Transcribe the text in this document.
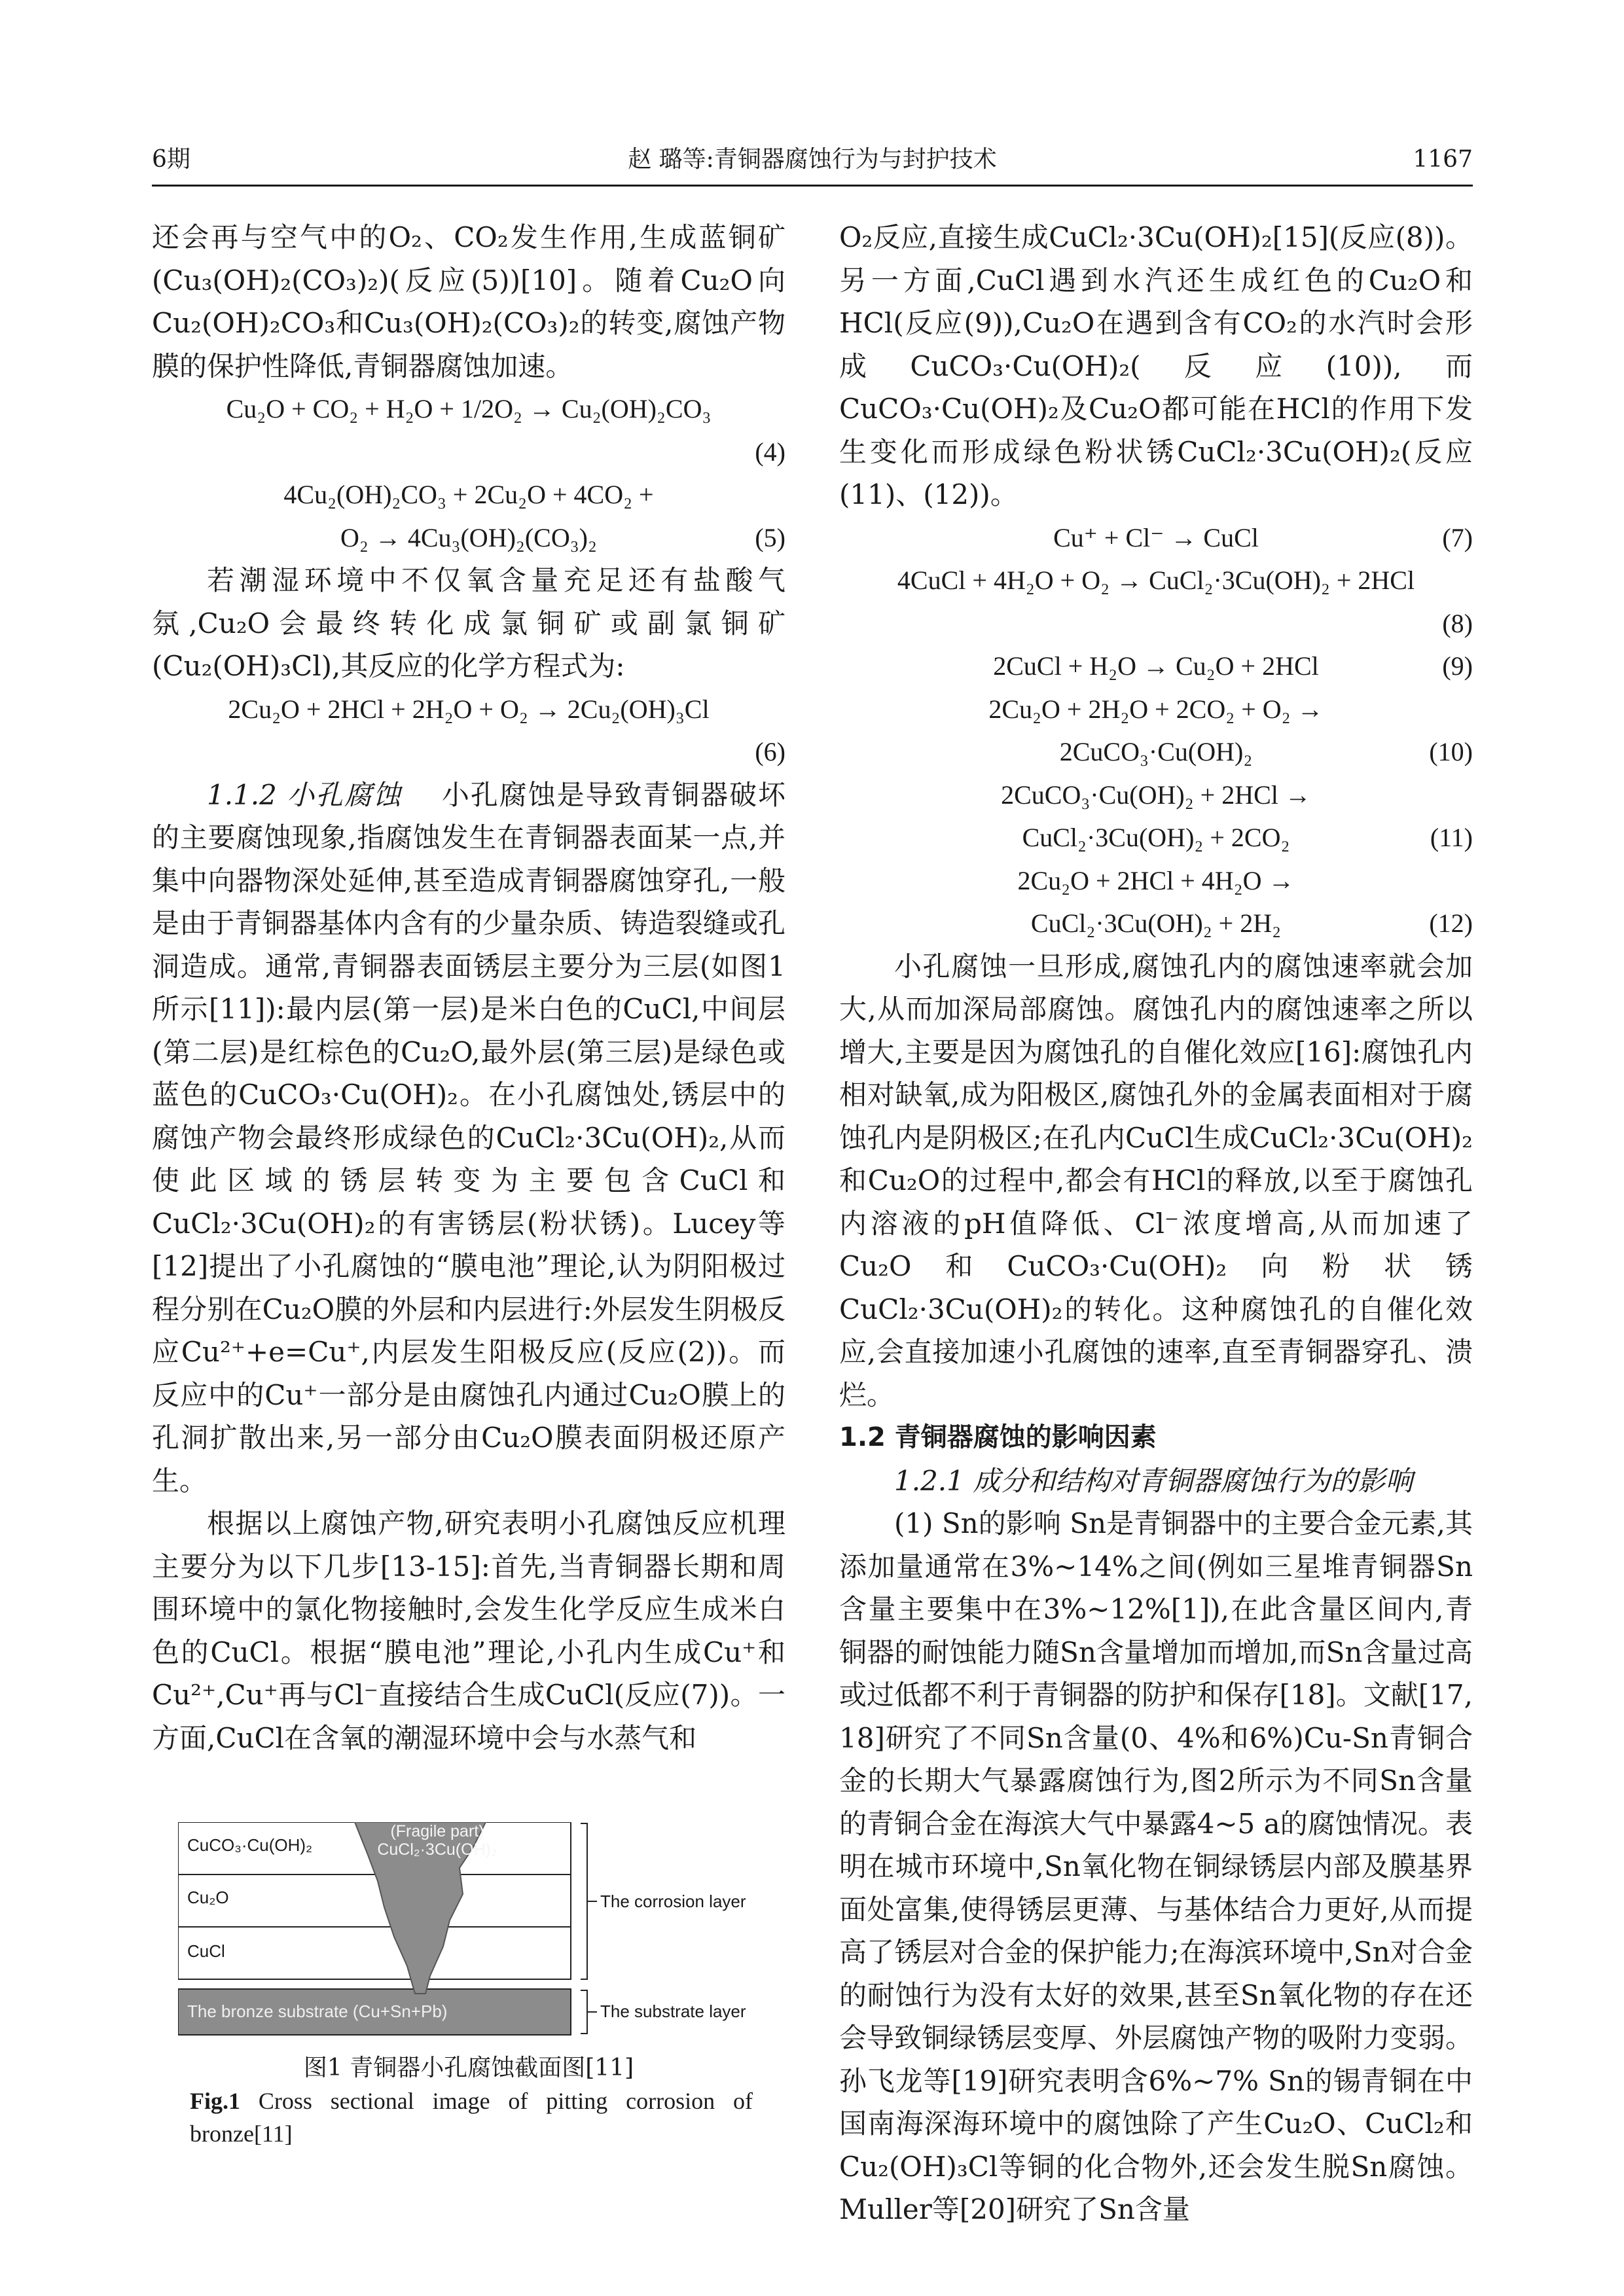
6期	赵 璐等:青铜器腐蚀行为与封护技术	1167

还会再与空气中的O₂、CO₂发生作用,生成蓝铜矿(Cu₃(OH)₂(CO₃)₂)(反应(5))[10]。随着Cu₂O向Cu₂(OH)₂CO₃和Cu₃(OH)₂(CO₃)₂的转变,腐蚀产物膜的保护性降低,青铜器腐蚀加速。

Cu₂O + CO₂ + H₂O + 1/2O₂ → Cu₂(OH)₂CO₃
(4)
4Cu₂(OH)₂CO₃ + 2Cu₂O + 4CO₂ +
O₂ → 4Cu₃(OH)₂(CO₃)₂	(5)

若潮湿环境中不仅氧含量充足还有盐酸气氛,Cu₂O会最终转化成氯铜矿或副氯铜矿(Cu₂(OH)₃Cl),其反应的化学方程式为:

2Cu₂O + 2HCl + 2H₂O + O₂ → 2Cu₂(OH)₃Cl
(6)

1.1.2 小孔腐蚀 小孔腐蚀是导致青铜器破坏的主要腐蚀现象,指腐蚀发生在青铜器表面某一点,并集中向器物深处延伸,甚至造成青铜器腐蚀穿孔,一般是由于青铜器基体内含有的少量杂质、铸造裂缝或孔洞造成。通常,青铜器表面锈层主要分为三层(如图1所示[11]):最内层(第一层)是米白色的CuCl,中间层(第二层)是红棕色的Cu₂O,最外层(第三层)是绿色或蓝色的CuCO₃·Cu(OH)₂。在小孔腐蚀处,锈层中的腐蚀产物会最终形成绿色的CuCl₂·3Cu(OH)₂,从而使此区域的锈层转变为主要包含CuCl和CuCl₂·3Cu(OH)₂的有害锈层(粉状锈)。Lucey等[12]提出了小孔腐蚀的“膜电池”理论,认为阴阳极过程分别在Cu₂O膜的外层和内层进行:外层发生阴极反应Cu²⁺+e=Cu⁺,内层发生阳极反应(反应(2))。而反应中的Cu⁺一部分是由腐蚀孔内通过Cu₂O膜上的孔洞扩散出来,另一部分由Cu₂O膜表面阴极还原产生。

根据以上腐蚀产物,研究表明小孔腐蚀反应机理主要分为以下几步[13-15]:首先,当青铜器长期和周围环境中的氯化物接触时,会发生化学反应生成米白色的CuCl。根据“膜电池”理论,小孔内生成Cu⁺和Cu²⁺,Cu⁺再与Cl⁻直接结合生成CuCl(反应(7))。一方面,CuCl在含氧的潮湿环境中会与水蒸气和

CuCO₃·Cu(OH)₂
(Fragile part)
CuCl₂·3Cu(OH)₂
Cu₂O
CuCl
The bronze substrate (Cu+Sn+Pb)
The corrosion layer
The substrate layer
图1 青铜器小孔腐蚀截面图[11]
Fig.1 Cross sectional image of pitting corrosion of bronze[11]

O₂反应,直接生成CuCl₂·3Cu(OH)₂[15](反应(8))。另一方面,CuCl遇到水汽还生成红色的Cu₂O和HCl(反应(9)),Cu₂O在遇到含有CO₂的水汽时会形成CuCO₃·Cu(OH)₂(反应(10)),而CuCO₃·Cu(OH)₂及Cu₂O都可能在HCl的作用下发生变化而形成绿色粉状锈CuCl₂·3Cu(OH)₂(反应(11)、(12))。

Cu⁺ + Cl⁻ → CuCl	(7)
4CuCl + 4H₂O + O₂ → CuCl₂·3Cu(OH)₂ + 2HCl
(8)
2CuCl + H₂O → Cu₂O + 2HCl	(9)
2Cu₂O + 2H₂O + 2CO₂ + O₂ →
2CuCO₃·Cu(OH)₂	(10)
2CuCO₃·Cu(OH)₂ + 2HCl →
CuCl₂·3Cu(OH)₂ + 2CO₂	(11)
2Cu₂O + 2HCl + 4H₂O →
CuCl₂·3Cu(OH)₂ + 2H₂	(12)

小孔腐蚀一旦形成,腐蚀孔内的腐蚀速率就会加大,从而加深局部腐蚀。腐蚀孔内的腐蚀速率之所以增大,主要是因为腐蚀孔的自催化效应[16]:腐蚀孔内相对缺氧,成为阳极区,腐蚀孔外的金属表面相对于腐蚀孔内是阴极区;在孔内CuCl生成CuCl₂·3Cu(OH)₂和Cu₂O的过程中,都会有HCl的释放,以至于腐蚀孔内溶液的pH值降低、Cl⁻浓度增高,从而加速了Cu₂O和CuCO₃·Cu(OH)₂向粉状锈CuCl₂·3Cu(OH)₂的转化。这种腐蚀孔的自催化效应,会直接加速小孔腐蚀的速率,直至青铜器穿孔、溃烂。

1.2 青铜器腐蚀的影响因素

1.2.1 成分和结构对青铜器腐蚀行为的影响

(1) Sn的影响 Sn是青铜器中的主要合金元素,其添加量通常在3%~14%之间(例如三星堆青铜器Sn含量主要集中在3%~12%[1]),在此含量区间内,青铜器的耐蚀能力随Sn含量增加而增加,而Sn含量过高或过低都不利于青铜器的防护和保存[18]。文献[17, 18]研究了不同Sn含量(0、4%和6%)Cu-Sn青铜合金的长期大气暴露腐蚀行为,图2所示为不同Sn含量的青铜合金在海滨大气中暴露4~5 a的腐蚀情况。表明在城市环境中,Sn氧化物在铜绿锈层内部及膜基界面处富集,使得锈层更薄、与基体结合力更好,从而提高了锈层对合金的保护能力;在海滨环境中,Sn对合金的耐蚀行为没有太好的效果,甚至Sn氧化物的存在还会导致铜绿锈层变厚、外层腐蚀产物的吸附力变弱。孙飞龙等[19]研究表明含6%~7% Sn的锡青铜在中国南海深海环境中的腐蚀除了产生Cu₂O、CuCl₂和Cu₂(OH)₃Cl等铜的化合物外,还会发生脱Sn腐蚀。Muller等[20]研究了Sn含量
